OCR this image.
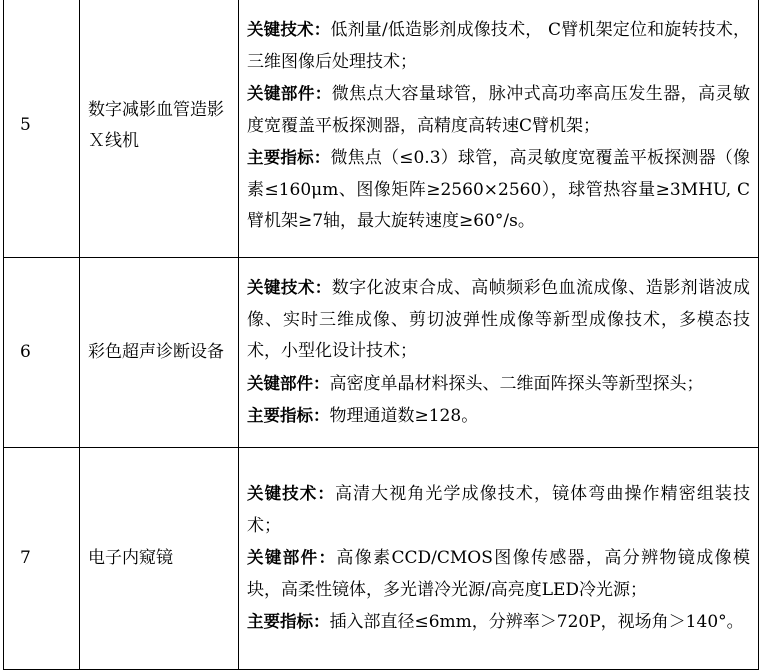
5	数字减影血管造影Ｘ线机	关键技术：低剂量/低造影剂成像技术， C臂机架定位和旋转技术，三维图像后处理技术；
关键部件：微焦点大容量球管，脉冲式高功率高压发生器，高灵敏度宽覆盖平板探测器，高精度高转速C臂机架；
主要指标：微焦点（≤0.3）球管，高灵敏度宽覆盖平板探测器（像素≤160μm、图像矩阵≥2560×2560），球管热容量≥3MHU, C臂机架≥7轴，最大旋转速度≥60°/s。

6	彩色超声诊断设备	关键技术：数字化波束合成、高帧频彩色血流成像、造影剂谐波成像、实时三维成像、剪切波弹性成像等新型成像技术，多模态技术，小型化设计技术；
关键部件：高密度单晶材料探头、二维面阵探头等新型探头；
主要指标：物理通道数≥128。

7	电子内窥镜	关键技术：高清大视角光学成像技术，镜体弯曲操作精密组装技术；
关键部件：高像素CCD/CMOS图像传感器，高分辨物镜成像模块，高柔性镜体，多光谱冷光源/高亮度LED冷光源；
主要指标：插入部直径≤6mm，分辨率＞720P，视场角＞140°。
